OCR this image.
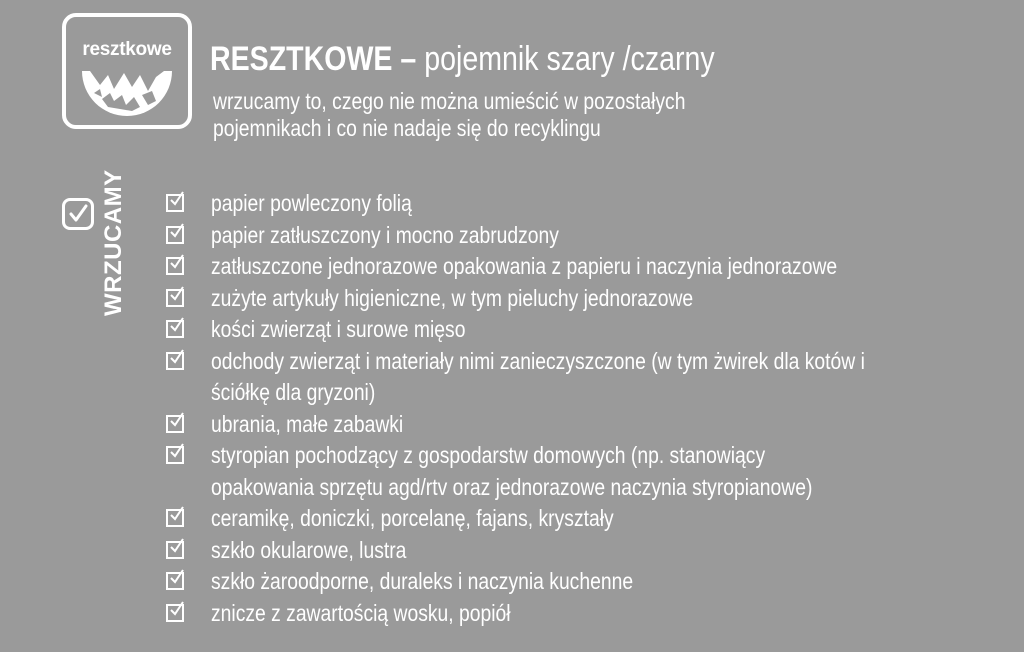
resztkowe	RESZTKOWE – pojemnik szary /czarny
wrzucamy to, czego nie można umieścić w pozostałych pojemnikach i co nie nadaje się do recyklingu
WRZUCAMY	papier powleczony folią
papier zatłuszczony i mocno zabrudzony
zatłuszczone jednorazowe opakowania z papieru i naczynia jednorazowe
zużyte artykuły higieniczne, w tym pieluchy jednorazowe
kości zwierząt i surowe mięso
odchody zwierząt i materiały nimi zanieczyszczone (w tym żwirek dla kotów i ściółkę dla gryzoni)
ubrania, małe zabawki
styropian pochodzący z gospodarstw domowych (np. stanowiący opakowania sprzętu agd/rtv oraz jednorazowe naczynia styropianowe)
ceramikę, doniczki, porcelanę, fajans, kryształy
szkło okularowe, lustra
szkło żaroodporne, duraleks i naczynia kuchenne
znicze z zawartością wosku, popiół
